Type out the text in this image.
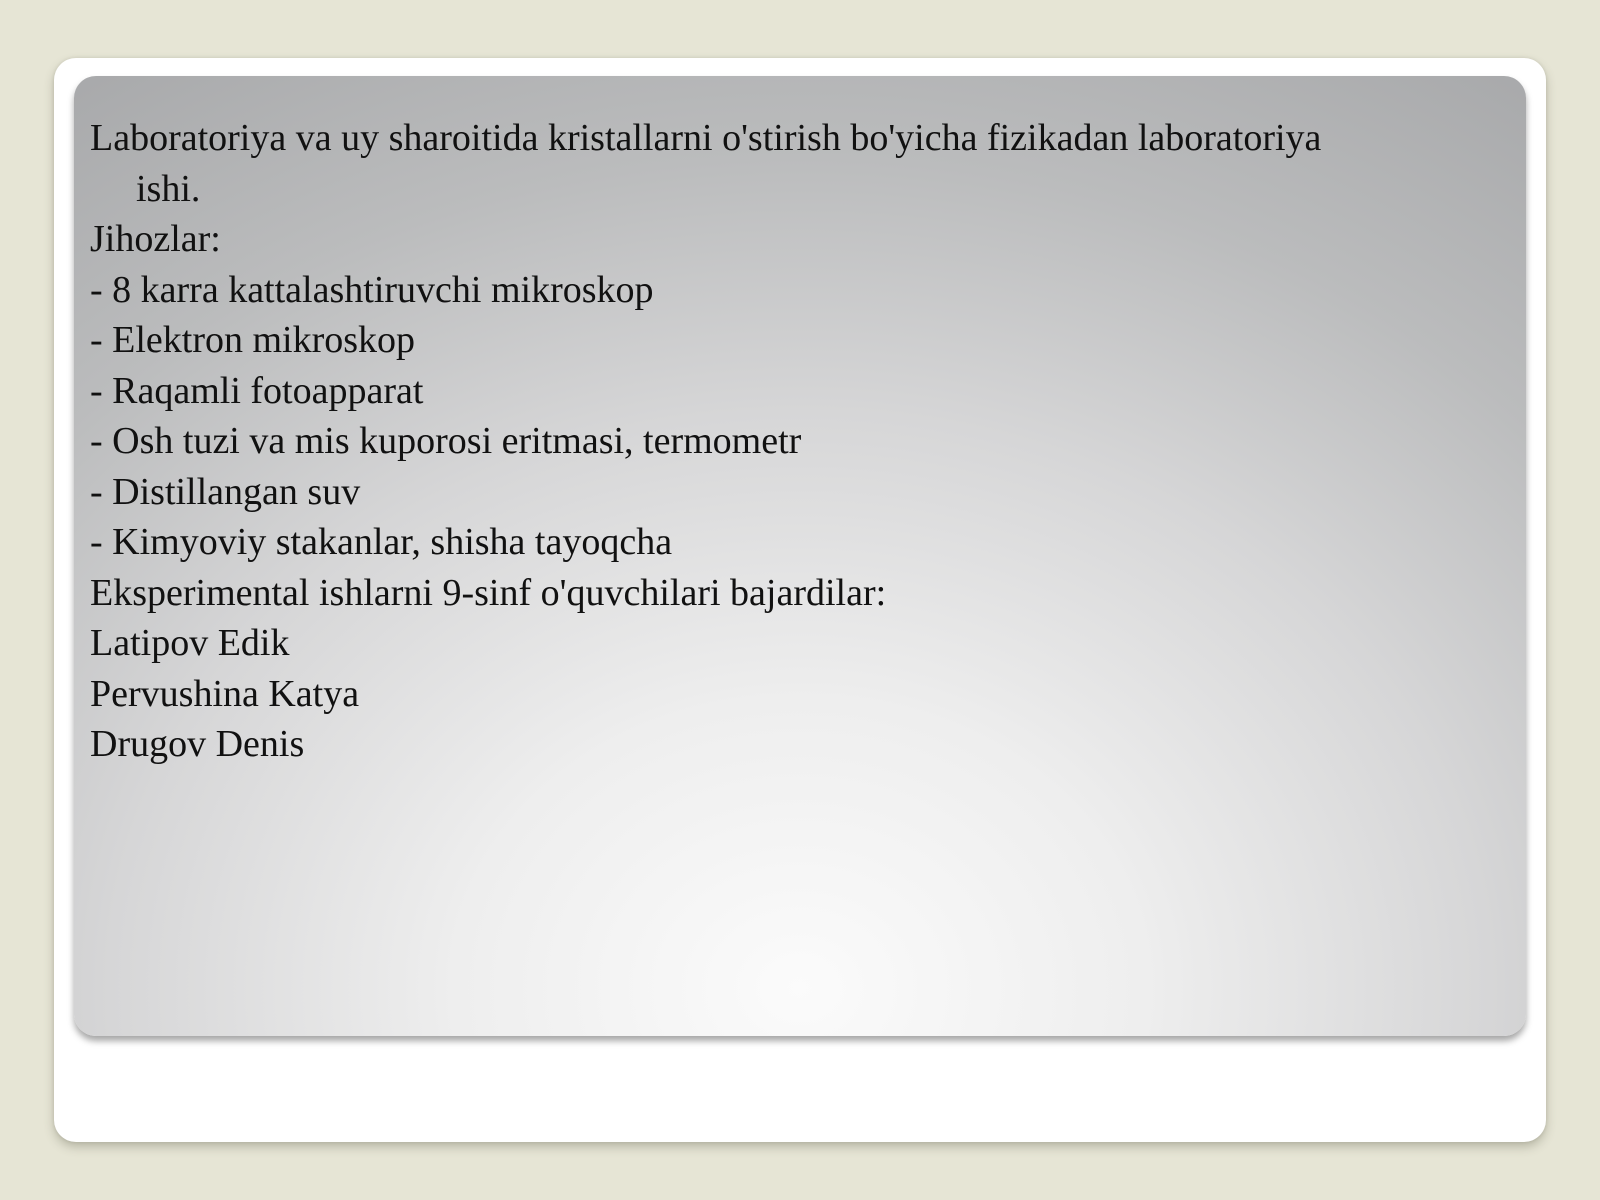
Laboratoriya va uy sharoitida kristallarni o'stirish bo'yicha fizikadan laboratoriya
ishi.
Jihozlar:
- 8 karra kattalashtiruvchi mikroskop
- Elektron mikroskop
- Raqamli fotoapparat
- Osh tuzi va mis kuporosi eritmasi, termometr
- Distillangan suv
- Kimyoviy stakanlar, shisha tayoqcha
Eksperimental ishlarni 9-sinf o'quvchilari bajardilar:
Latipov Edik
Pervushina Katya
Drugov Denis
